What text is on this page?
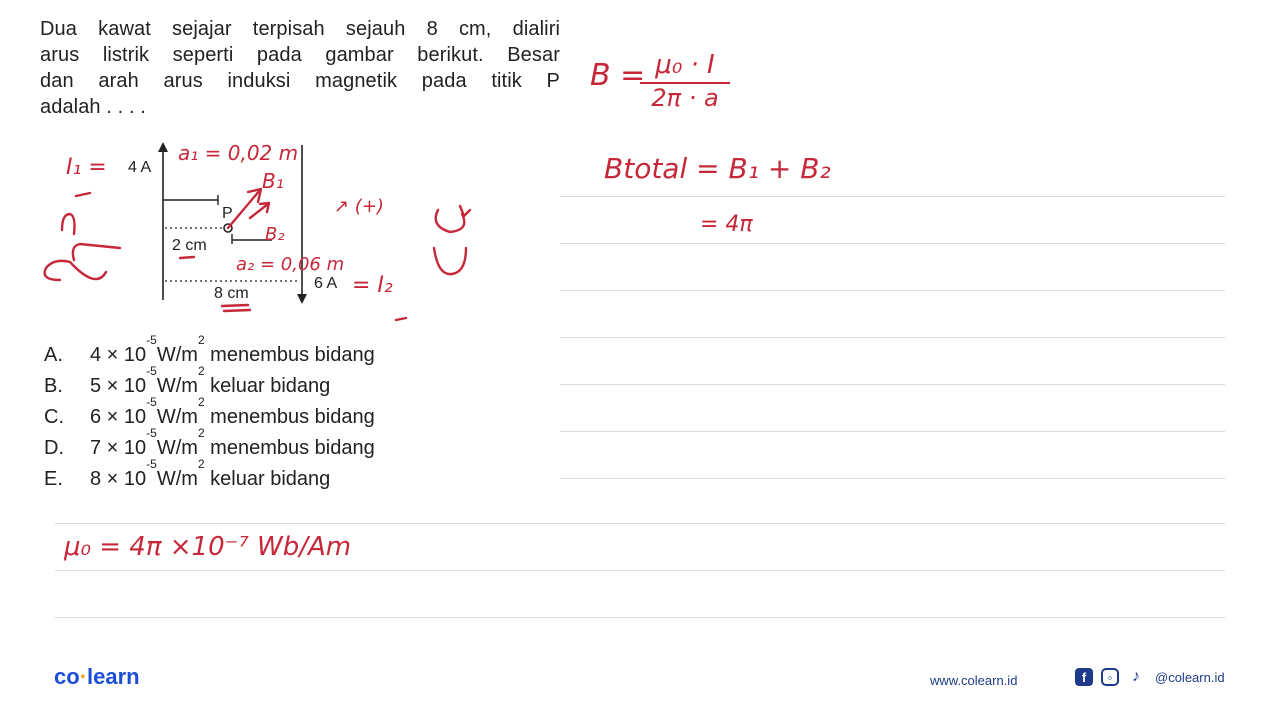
Dua kawat sejajar terpisah sejauh 8 cm, dialiri
arus listrik seperti pada gambar berikut. Besar
dan arah arus induksi magnetik pada titik P
adalah . . . .
4 A
P
2 cm
8 cm
6 A
I₁ =
a₁ = 0,02 m
B₁
B₂
a₂ = 0,06 m
= I₂
↗ (+)
A.	4 × 10
-5
W/m
2
menembus bidang
B.	5 × 10
-5
W/m
2
keluar bidang
C.	6 × 10
-5
W/m
2
menembus bidang
D.	7 × 10
-5
W/m
2
menembus bidang
E.	8 × 10
-5
W/m
2
keluar bidang
B =
$\frac{\text{μ₀ · I}}{2\pi \cdot a}$
Btotal = B₁ + B₂
= 4π
μ₀ = 4π ×10⁻⁷ Wb/Am
co·learn	www.colearn.id	f	◦	♪	@colearn.id
